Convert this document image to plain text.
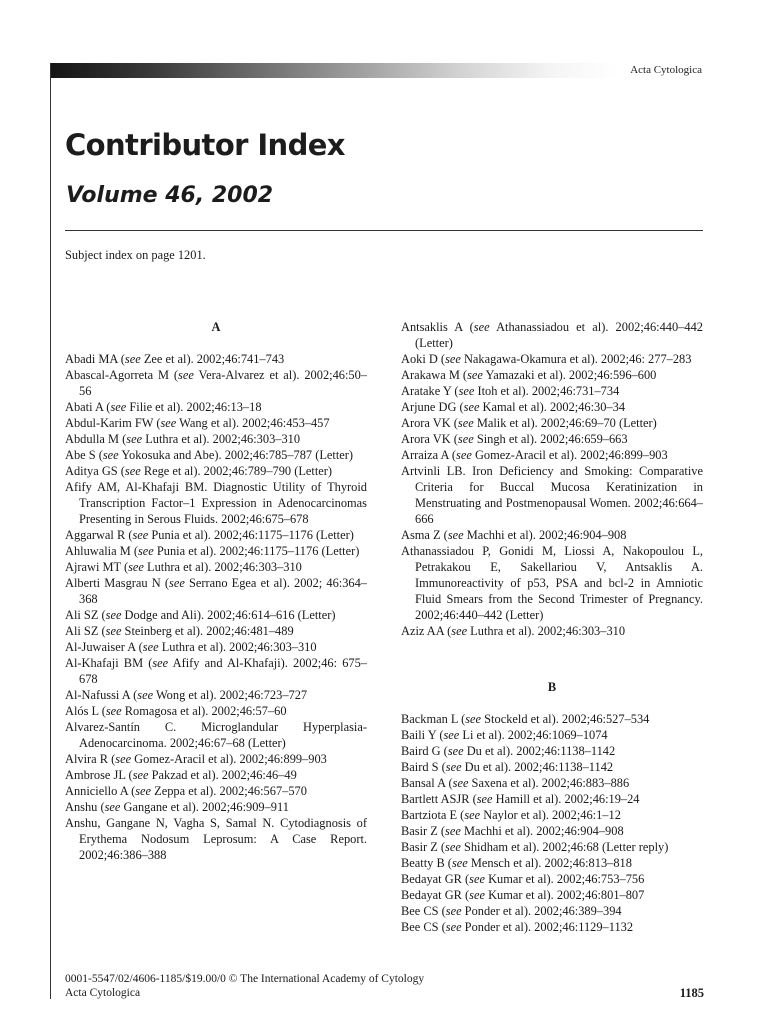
Acta Cytologica
Contributor Index
Volume 46, 2002
Subject index on page 1201.
A

Abadi MA (see Zee et al). 2002;46:741–743

Abascal-Agorreta M (see Vera-Alvarez et al). 2002;46:50–56

Abati A (see Filie et al). 2002;46:13–18

Abdul-Karim FW (see Wang et al). 2002;46:453–457

Abdulla M (see Luthra et al). 2002;46:303–310

Abe S (see Yokosuka and Abe). 2002;46:785–787 (Letter)

Aditya GS (see Rege et al). 2002;46:789–790 (Letter)

Afify AM, Al-Khafaji BM. Diagnostic Utility of Thyroid Transcription Factor–1 Expression in Adenocarcinomas Presenting in Serous Fluids. 2002;46:675–678

Aggarwal R (see Punia et al). 2002;46:1175–1176 (Letter)

Ahluwalia M (see Punia et al). 2002;46:1175–1176 (Letter)

Ajrawi MT (see Luthra et al). 2002;46:303–310

Alberti Masgrau N (see Serrano Egea et al). 2002; 46:364–368

Ali SZ (see Dodge and Ali). 2002;46:614–616 (Letter)

Ali SZ (see Steinberg et al). 2002;46:481–489

Al-Juwaiser A (see Luthra et al). 2002;46:303–310

Al-Khafaji BM (see Afify and Al-Khafaji). 2002;46: 675–678

Al-Nafussi A (see Wong et al). 2002;46:723–727

Alós L (see Romagosa et al). 2002;46:57–60

Alvarez-Santín C. Microglandular Hyperplasia-Adenocarcinoma. 2002;46:67–68 (Letter)

Alvira R (see Gomez-Aracil et al). 2002;46:899–903

Ambrose JL (see Pakzad et al). 2002;46:46–49

Anniciello A (see Zeppa et al). 2002;46:567–570

Anshu (see Gangane et al). 2002;46:909–911

Anshu, Gangane N, Vagha S, Samal N. Cytodiagnosis of Erythema Nodosum Leprosum: A Case Report. 2002;46:386–388

Antsaklis A (see Athanassiadou et al). 2002;46:440–442 (Letter)

Aoki D (see Nakagawa-Okamura et al). 2002;46: 277–283

Arakawa M (see Yamazaki et al). 2002;46:596–600

Aratake Y (see Itoh et al). 2002;46:731–734

Arjune DG (see Kamal et al). 2002;46:30–34

Arora VK (see Malik et al). 2002;46:69–70 (Letter)

Arora VK (see Singh et al). 2002;46:659–663

Arraiza A (see Gomez-Aracil et al). 2002;46:899–903

Artvinli LB. Iron Deficiency and Smoking: Comparative Criteria for Buccal Mucosa Keratinization in Menstruating and Postmenopausal Women. 2002;46:664–666

Asma Z (see Machhi et al). 2002;46:904–908

Athanassiadou P, Gonidi M, Liossi A, Nakopoulou L, Petrakakou E, Sakellariou V, Antsaklis A. Immunoreactivity of p53, PSA and bcl-2 in Amniotic Fluid Smears from the Second Trimester of Pregnancy. 2002;46:440–442 (Letter)

Aziz AA (see Luthra et al). 2002;46:303–310

B

Backman L (see Stockeld et al). 2002;46:527–534

Baili Y (see Li et al). 2002;46:1069–1074

Baird G (see Du et al). 2002;46:1138–1142

Baird S (see Du et al). 2002;46:1138–1142

Bansal A (see Saxena et al). 2002;46:883–886

Bartlett ASJR (see Hamill et al). 2002;46:19–24

Bartziota E (see Naylor et al). 2002;46:1–12

Basir Z (see Machhi et al). 2002;46:904–908

Basir Z (see Shidham et al). 2002;46:68 (Letter reply)

Beatty B (see Mensch et al). 2002;46:813–818

Bedayat GR (see Kumar et al). 2002;46:753–756

Bedayat GR (see Kumar et al). 2002;46:801–807

Bee CS (see Ponder et al). 2002;46:389–394

Bee CS (see Ponder et al). 2002;46:1129–1132

0001-5547/02/4606-1185/$19.00/0 © The International Academy of Cytology
Acta Cytologica	1185
